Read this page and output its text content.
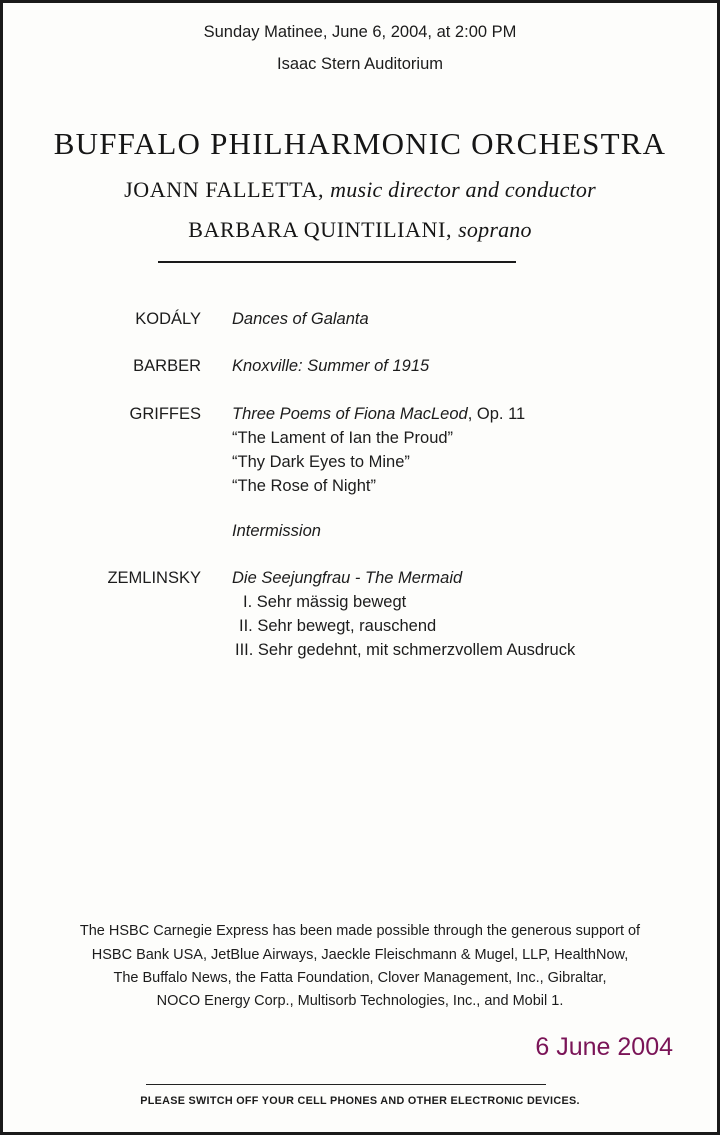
Sunday Matinee, June 6, 2004, at 2:00 PM
Isaac Stern Auditorium
BUFFALO PHILHARMONIC ORCHESTRA
JOANN FALLETTA, music director and conductor
BARBARA QUINTILIANI, soprano
KODÁLY Dances of Galanta
BARBER Knoxville: Summer of 1915
GRIFFES Three Poems of Fiona MacLeod, Op. 11
“The Lament of Ian the Proud”
“Thy Dark Eyes to Mine”
“The Rose of Night”
Intermission
ZEMLINSKY Die Seejungfrau - The Mermaid
I. Sehr mässig bewegt
II. Sehr bewegt, rauschend
III. Sehr gedehnt, mit schmerzvollem Ausdruck
The HSBC Carnegie Express has been made possible through the generous support of
HSBC Bank USA, JetBlue Airways, Jaeckle Fleischmann & Mugel, LLP, HealthNow,
The Buffalo News, the Fatta Foundation, Clover Management, Inc., Gibraltar,
NOCO Energy Corp., Multisorb Technologies, Inc., and Mobil 1.
6 June 2004
PLEASE SWITCH OFF YOUR CELL PHONES AND OTHER ELECTRONIC DEVICES.
